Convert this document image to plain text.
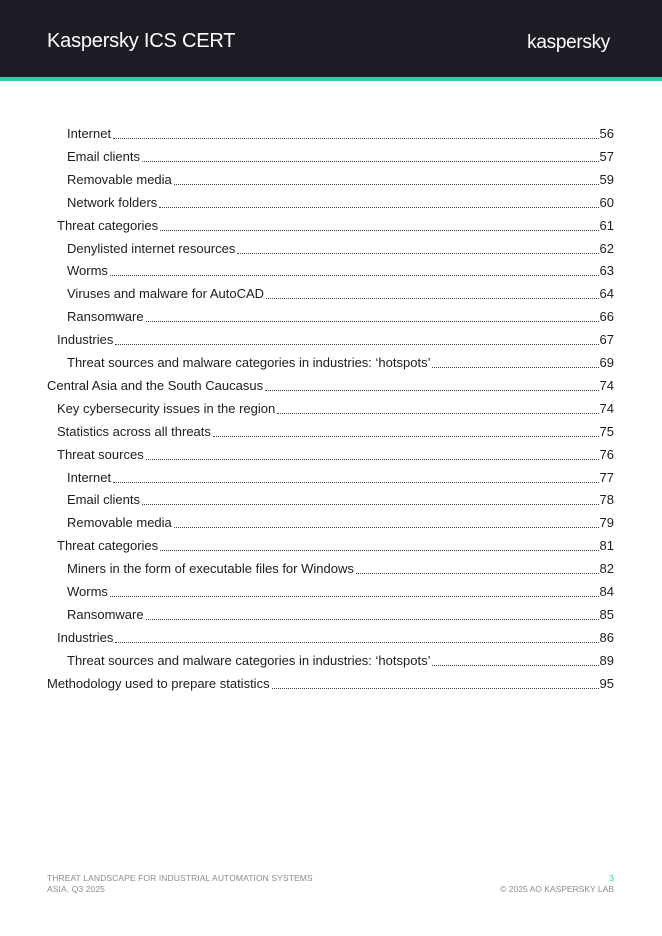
Kaspersky ICS CERT	kaspersky
Internet	56
Email clients	57
Removable media	59
Network folders	60
Threat categories	61
Denylisted internet resources	62
Worms	63
Viruses and malware for AutoCAD	64
Ransomware	66
Industries	67
Threat sources and malware categories in industries: ‘hotspots’	69
Central Asia and the South Caucasus	74
Key cybersecurity issues in the region	74
Statistics across all threats	75
Threat sources	76
Internet	77
Email clients	78
Removable media	79
Threat categories	81
Miners in the form of executable files for Windows	82
Worms	84
Ransomware	85
Industries	86
Threat sources and malware categories in industries: ‘hotspots’	89
Methodology used to prepare statistics	95
THREAT LANDSCAPE FOR INDUSTRIAL AUTOMATION SYSTEMS
ASIA. Q3 2025
3
© 2025 AO KASPERSKY LAB
